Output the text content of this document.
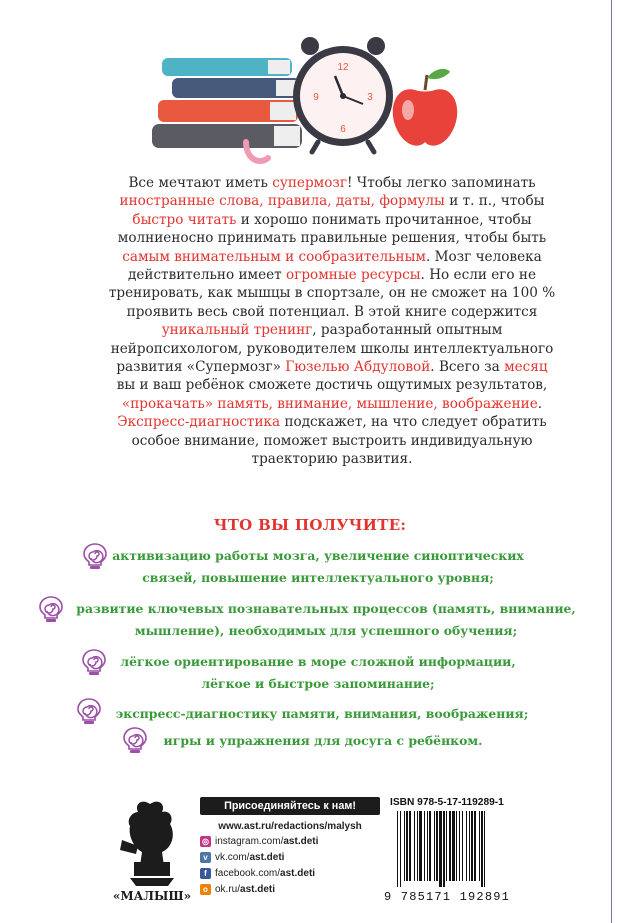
12
3
6
9
Все мечтают иметь супермозг! Чтобы легко запоминать иностранные слова, правила, даты, формулы и т. п., чтобы быстро читать и хорошо понимать прочитанное, чтобы молниеносно принимать правильные решения, чтобы быть самым внимательным и сообразительным. Мозг человека действительно имеет огромные ресурсы. Но если его не тренировать, как мышцы в спортзале, он не сможет на 100 % проявить весь свой потенциал. В этой книге содержится уникальный тренинг, разработанный опытным нейропсихологом, руководителем школы интеллектуального развития «Супермозг» Гюзелью Абдуловой. Всего за месяц вы и ваш ребёнок сможете достичь ощутимых результатов, «прокачать» память, внимание, мышление, воображение. Экспресс-диагностика подскажет, на что следует обратить особое внимание, поможет выстроить индивидуальную траекторию развития.
ЧТО ВЫ ПОЛУЧИТЕ:
активизацию работы мозга, увеличение синоптических
связей, повышение интеллектуального уровня;
развитие ключевых познавательных процессов (память, внимание,
мышление), необходимых для успешного обучения;
лёгкое ориентирование в море сложной информации,
лёгкое и быстрое запоминание;
экспресс-диагностику памяти, внимания, воображения;
игры и упражнения для досуга с ребёнком.
«МАЛЫШ»
Присоединяйтесь к нам!
www.ast.ru/redactions/malysh
◎ instagram.com/ ast.deti
v vk.com/ ast.deti
f facebook.com/ ast.deti
o ok.ru/ ast.deti
ISBN 978-5-17-119289-1
9 785171 192891
